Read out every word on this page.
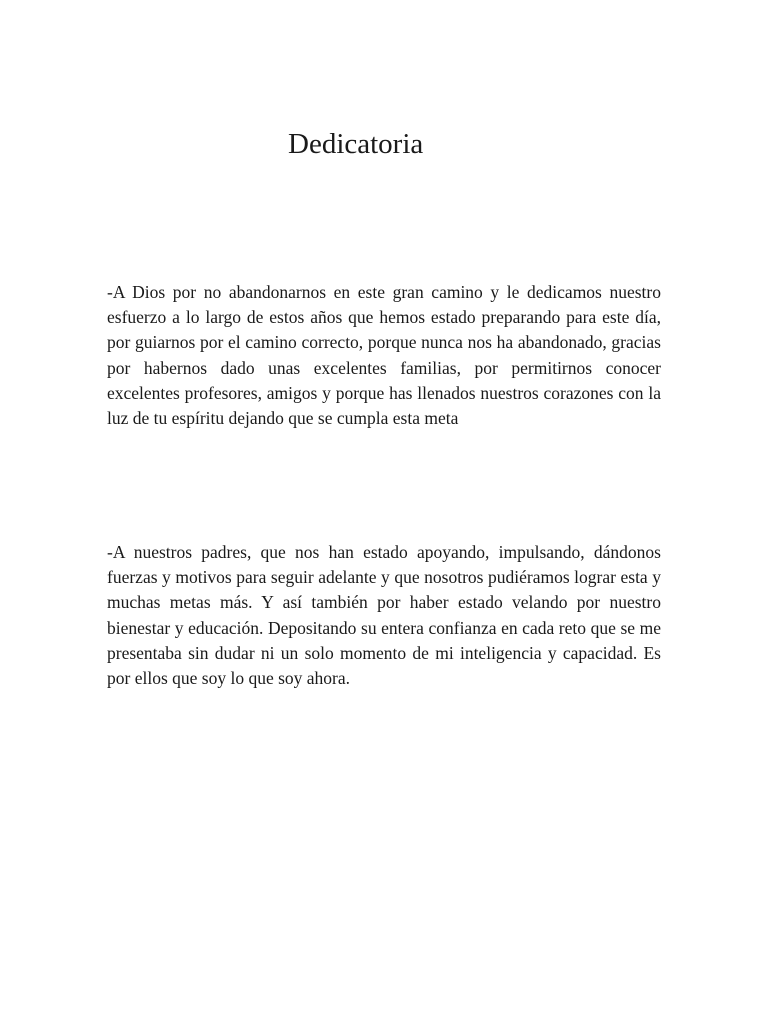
Dedicatoria

-A Dios por no abandonarnos en este gran camino y le dedicamos nuestro esfuerzo a lo largo de estos años que hemos estado preparando para este día, por guiarnos por el camino correcto, porque nunca nos ha abandonado, gracias por habernos dado unas excelentes familias, por permitirnos conocer excelentes profesores, amigos y porque has llenados nuestros corazones con la luz de tu espíritu dejando que se cumpla esta meta

-A nuestros padres, que nos han estado apoyando, impulsando, dándonos fuerzas y motivos para seguir adelante y que nosotros pudiéramos lograr esta y muchas metas más. Y así también por haber estado velando por nuestro bienestar y educación. Depositando su entera confianza en cada reto que se me presentaba sin dudar ni un solo momento de mi inteligencia y capacidad. Es por ellos que soy lo que soy ahora.
